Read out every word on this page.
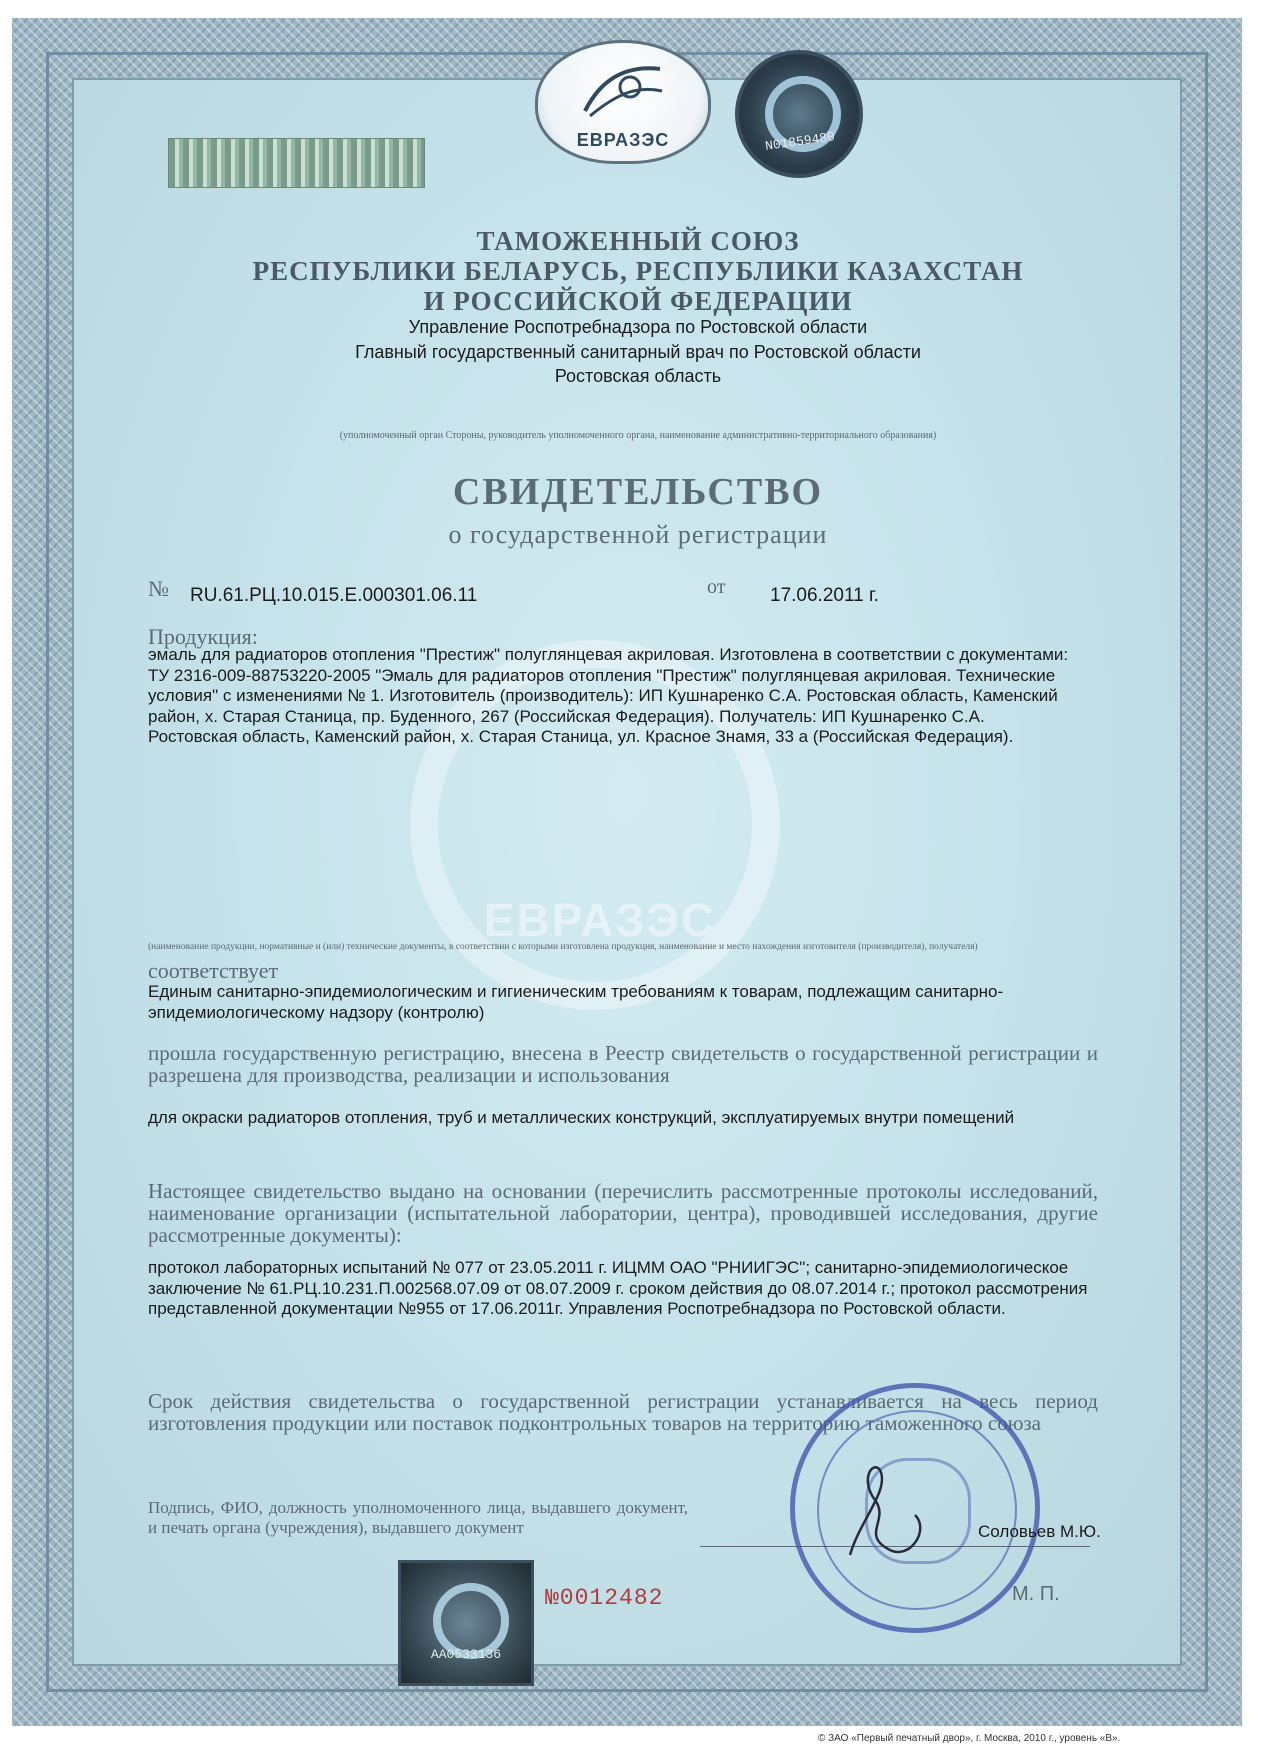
ЕВРАЗЭС
ЕВРАЗЭС	N01859480
ТАМОЖЕННЫЙ СОЮЗ
РЕСПУБЛИКИ БЕЛАРУСЬ, РЕСПУБЛИКИ КАЗАХСТАН
И РОССИЙСКОЙ ФЕДЕРАЦИИ
Управление Роспотребнадзора по Ростовской области
Главный государственный санитарный врач по Ростовской области
Ростовская область
(уполномоченный орган Стороны, руководитель уполномоченного органа, наименование административно-территориального образования)
СВИДЕТЕЛЬСТВО
о государственной регистрации
№ RU.61.РЦ.10.015.Е.000301.06.11	от 17.06.2011 г.
Продукция:
эмаль для радиаторов отопления "Престиж" полуглянцевая акриловая. Изготовлена в соответствии с документами: ТУ 2316-009-88753220-2005 "Эмаль для радиаторов отопления "Престиж" полуглянцевая акриловая. Технические условия" с изменениями № 1. Изготовитель (производитель): ИП Кушнаренко С.А. Ростовская область, Каменский район, х. Старая Станица, пр. Буденного, 267 (Российская Федерация). Получатель: ИП Кушнаренко С.А. Ростовская область, Каменский район, х. Старая Станица, ул. Красное Знамя, 33 а (Российская Федерация).
(наименование продукции, нормативные и (или) технические документы, в соответствии с которыми изготовлена продукция, наименование и место нахождения изготовителя (производителя), получателя)
соответствует
Единым санитарно-эпидемиологическим и гигиеническим требованиям к товарам, подлежащим санитарно-эпидемиологическому надзору (контролю)
прошла государственную регистрацию, внесена в Реестр свидетельств о государственной регистрации и разрешена для производства, реализации и использования
для окраски радиаторов отопления, труб и металлических конструкций, эксплуатируемых внутри помещений
Настоящее свидетельство выдано на основании (перечислить рассмотренные протоколы исследований, наименование организации (испытательной лаборатории, центра), проводившей исследования, другие рассмотренные документы):
протокол лабораторных испытаний № 077 от 23.05.2011 г. ИЦММ ОАО "РНИИГЭС"; санитарно-эпидемиологическое заключение № 61.РЦ.10.231.П.002568.07.09 от 08.07.2009 г. сроком действия до 08.07.2014 г.; протокол рассмотрения представленной документации №955 от 17.06.2011г. Управления Роспотребнадзора по Ростовской области.
Срок действия свидетельства о государственной регистрации устанавливается на весь период изготовления продукции или поставок подконтрольных товаров на территорию таможенного союза
Подпись, ФИО, должность уполномоченного лица, выдавшего документ, и печать органа (учреждения), выдавшего документ	Соловьев М.Ю.
М. П.
AA0533136
№0012482
© ЗАО «Первый печатный двор», г. Москва, 2010 г., уровень «В».
